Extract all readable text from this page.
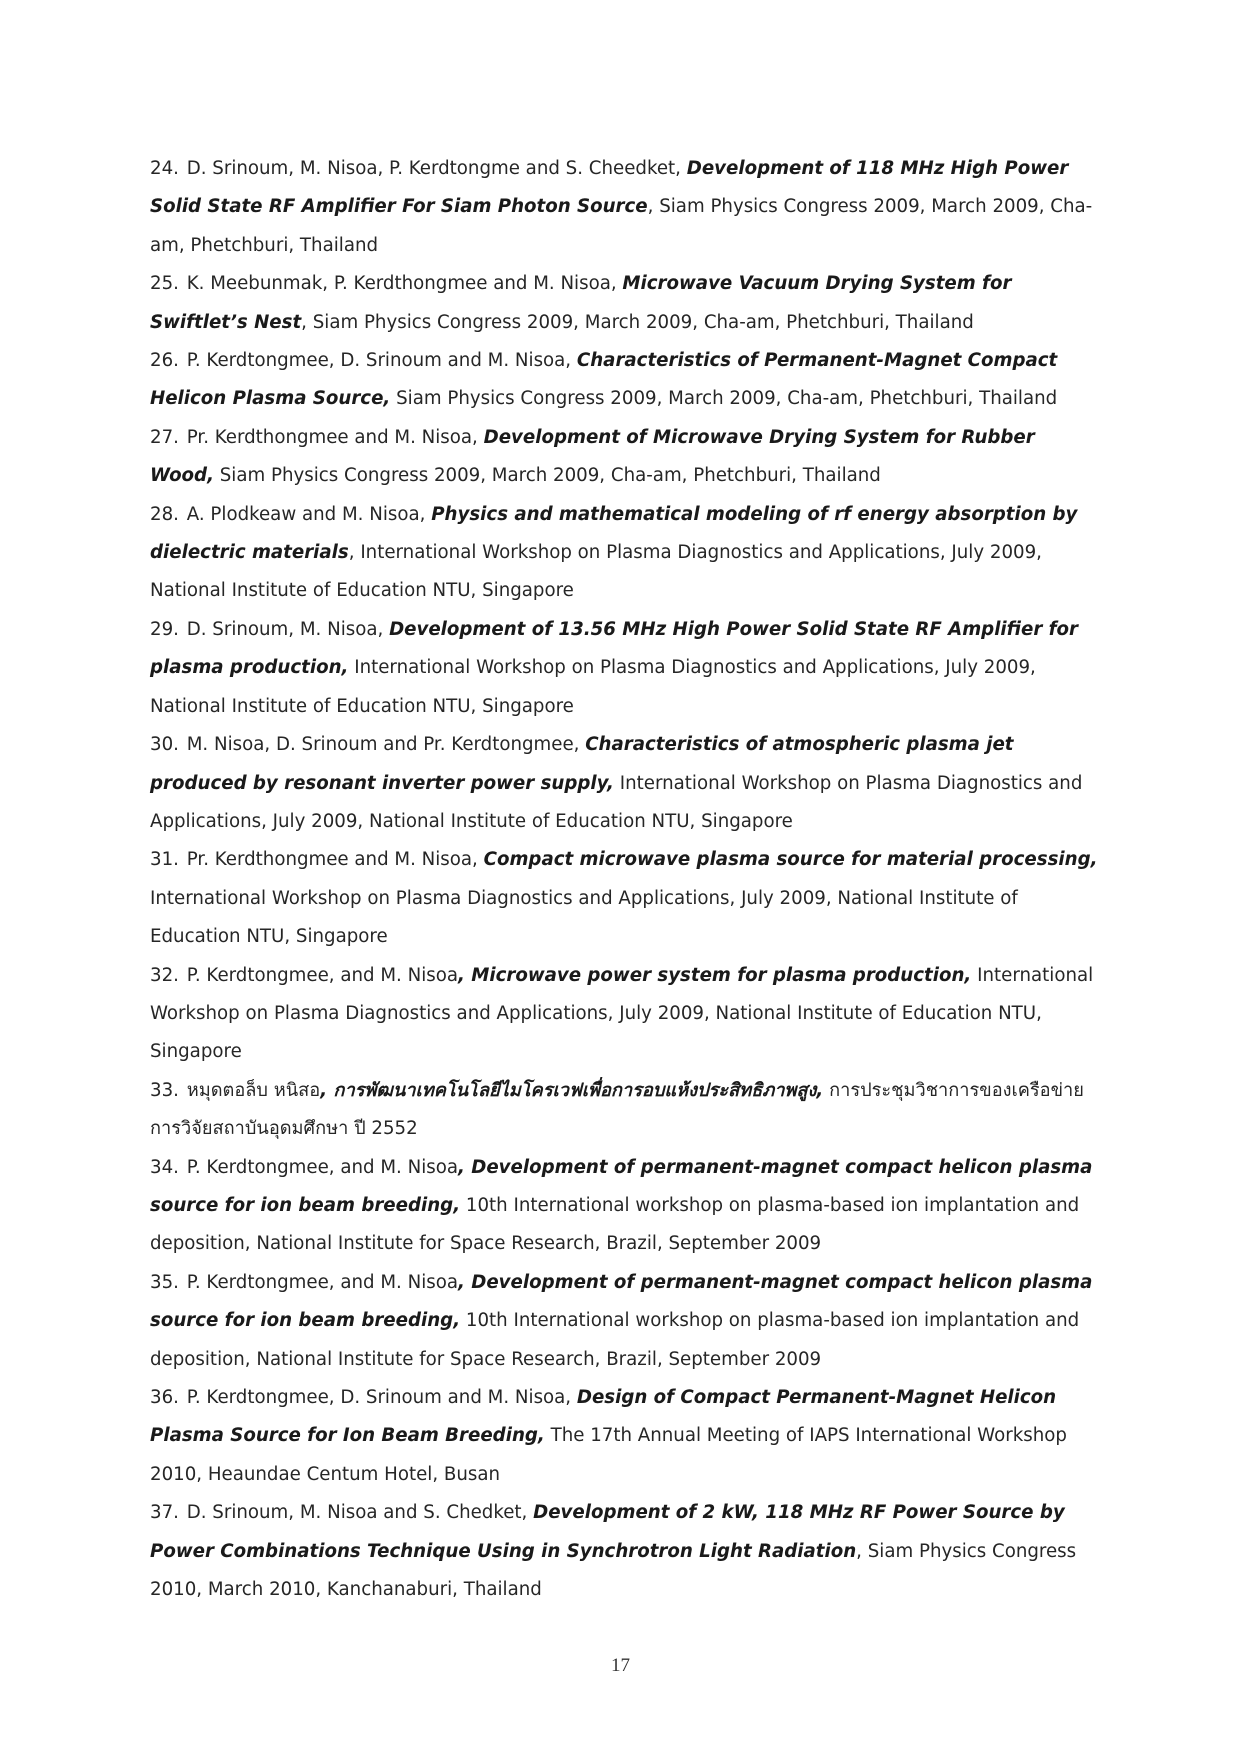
24. D. Srinoum, M. Nisoa, P. Kerdtongme and S. Cheedket, Development of 118 MHz High Power Solid State RF Amplifier For Siam Photon Source, Siam Physics Congress 2009, March 2009, Cha-am, Phetchburi, Thailand

25. K. Meebunmak, P. Kerdthongmee and M. Nisoa, Microwave Vacuum Drying System for Swiftlet’s Nest, Siam Physics Congress 2009, March 2009, Cha-am, Phetchburi, Thailand

26. P. Kerdtongmee, D. Srinoum and M. Nisoa, Characteristics of Permanent-Magnet Compact Helicon Plasma Source, Siam Physics Congress 2009, March 2009, Cha-am, Phetchburi, Thailand

27. Pr. Kerdthongmee and M. Nisoa, Development of Microwave Drying System for Rubber Wood, Siam Physics Congress 2009, March 2009, Cha-am, Phetchburi, Thailand

28. A. Plodkeaw and M. Nisoa, Physics and mathematical modeling of rf energy absorption by dielectric materials, International Workshop on Plasma Diagnostics and Applications, July 2009, National Institute of Education NTU, Singapore

29. D. Srinoum, M. Nisoa, Development of 13.56 MHz High Power Solid State RF Amplifier for plasma production, International Workshop on Plasma Diagnostics and Applications, July 2009, National Institute of Education NTU, Singapore

30. M. Nisoa, D. Srinoum and Pr. Kerdtongmee, Characteristics of atmospheric plasma jet produced by resonant inverter power supply, International Workshop on Plasma Diagnostics and Applications, July 2009, National Institute of Education NTU, Singapore

31. Pr. Kerdthongmee and M. Nisoa, Compact microwave plasma source for material processing, International Workshop on Plasma Diagnostics and Applications, July 2009, National Institute of Education NTU, Singapore

32. P. Kerdtongmee, and M. Nisoa, Microwave power system for plasma production, International Workshop on Plasma Diagnostics and Applications, July 2009, National Institute of Education NTU, Singapore

33. หมุดตอล็บ หนิสอ, การพัฒนาเทคโนโลยีไมโครเวฟเพื่อการอบแห้งประสิทธิภาพสูง, การประชุมวิชาการของเครือข่ายการวิจัยสถาบันอุดมศึกษา ปี 2552

34. P. Kerdtongmee, and M. Nisoa, Development of permanent-magnet compact helicon plasma source for ion beam breeding, 10th International workshop on plasma-based ion implantation and deposition, National Institute for Space Research, Brazil, September 2009

35. P. Kerdtongmee, and M. Nisoa, Development of permanent-magnet compact helicon plasma source for ion beam breeding, 10th International workshop on plasma-based ion implantation and deposition, National Institute for Space Research, Brazil, September 2009

36. P. Kerdtongmee, D. Srinoum and M. Nisoa, Design of Compact Permanent-Magnet Helicon Plasma Source for Ion Beam Breeding, The 17th Annual Meeting of IAPS International Workshop 2010, Heaundae Centum Hotel, Busan

37. D. Srinoum, M. Nisoa and S. Chedket, Development of 2 kW, 118 MHz RF Power Source by Power Combinations Technique Using in Synchrotron Light Radiation, Siam Physics Congress 2010, March 2010, Kanchanaburi, Thailand

17
